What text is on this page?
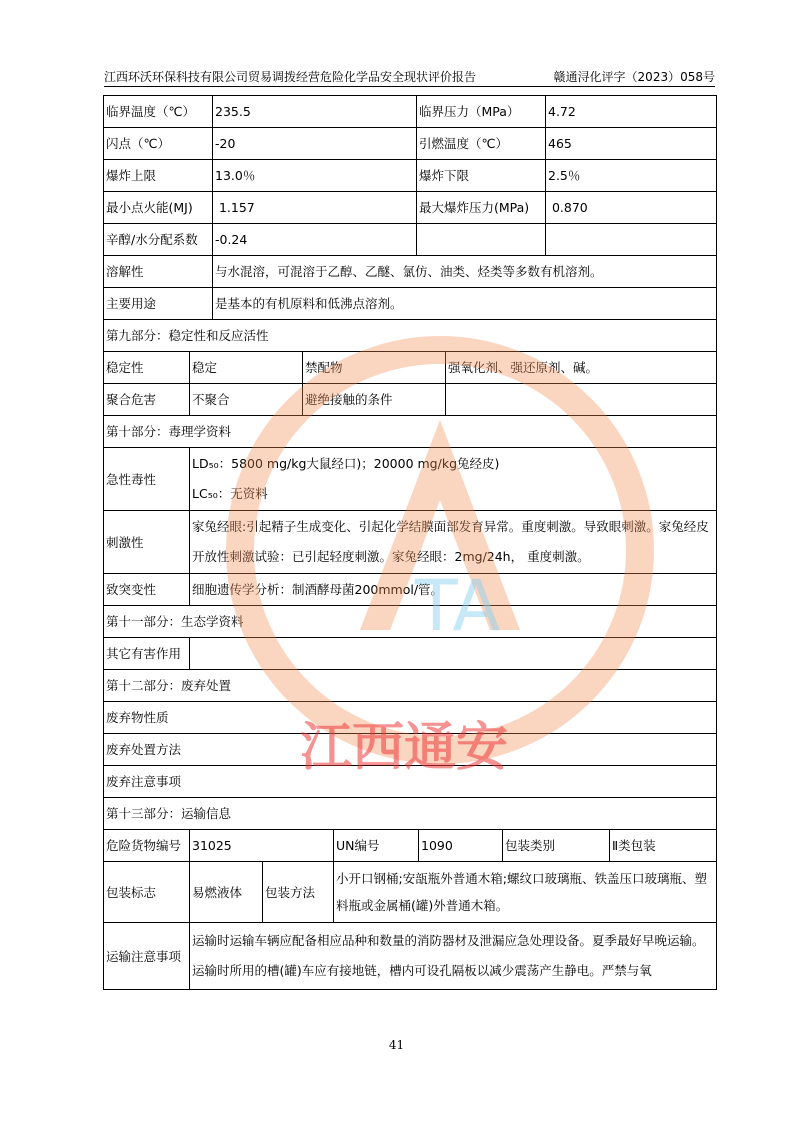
江西环沃环保科技有限公司贸易调拨经营危险化学品安全现状评价报告	赣通浔化评字（2023）058号
临界温度（℃）	235.5	临界压力（MPa）	4.72
闪点（℃）	-20	引燃温度（℃）	465
爆炸上限	13.0％	爆炸下限	2.5％
最小点火能(MJ)	1.157	最大爆炸压力(MPa)	0.870
辛醇/水分配系数	-0.24		
溶解性	与水混溶，可混溶于乙醇、乙醚、氯仿、油类、烃类等多数有机溶剂。		
主要用途	是基本的有机原料和低沸点溶剂。		
第九部分：稳定性和反应活性			
稳定性	稳定	禁配物	强氧化剂、强还原剂、碱。
聚合危害	不聚合	避绝接触的条件	
第十部分：毒理学资料			
急性毒性	LD₅₀：5800 mg/kg大鼠经口)；20000 mg/kg兔经皮)
LC₅₀：无资料

刺激性	家兔经眼:引起精子生成变化、引起化学结膜面部发育异常。重度刺激。导致眼刺激。家兔经皮开放性刺激试验：已引起轻度刺激。家兔经眼：2mg/24h， 重度刺激。
致突变性	细胞遗传学分析：制酒酵母菌200mmol/管。
第十一部分：生态学资料	
其它有害作用	
第十二部分：废弃处置	
废弃物性质	
废弃处置方法	
废弃注意事项	
第十三部分：运输信息	
危险货物编号	31025		UN编号	1090	包装类别	Ⅱ类包装
包装标志	易燃液体	包装方法	小开口钢桶;安瓿瓶外普通木箱;螺纹口玻璃瓶、铁盖压口玻璃瓶、塑料瓶或金属桶(罐)外普通木箱。			
运输注意事项	运输时运输车辆应配备相应品种和数量的消防器材及泄漏应急处理设备。夏季最好早晚运输。运输时所用的槽(罐)车应有接地链，槽内可设孔隔板以减少震荡产生静电。严禁与氧					
TA
江西通安
41
